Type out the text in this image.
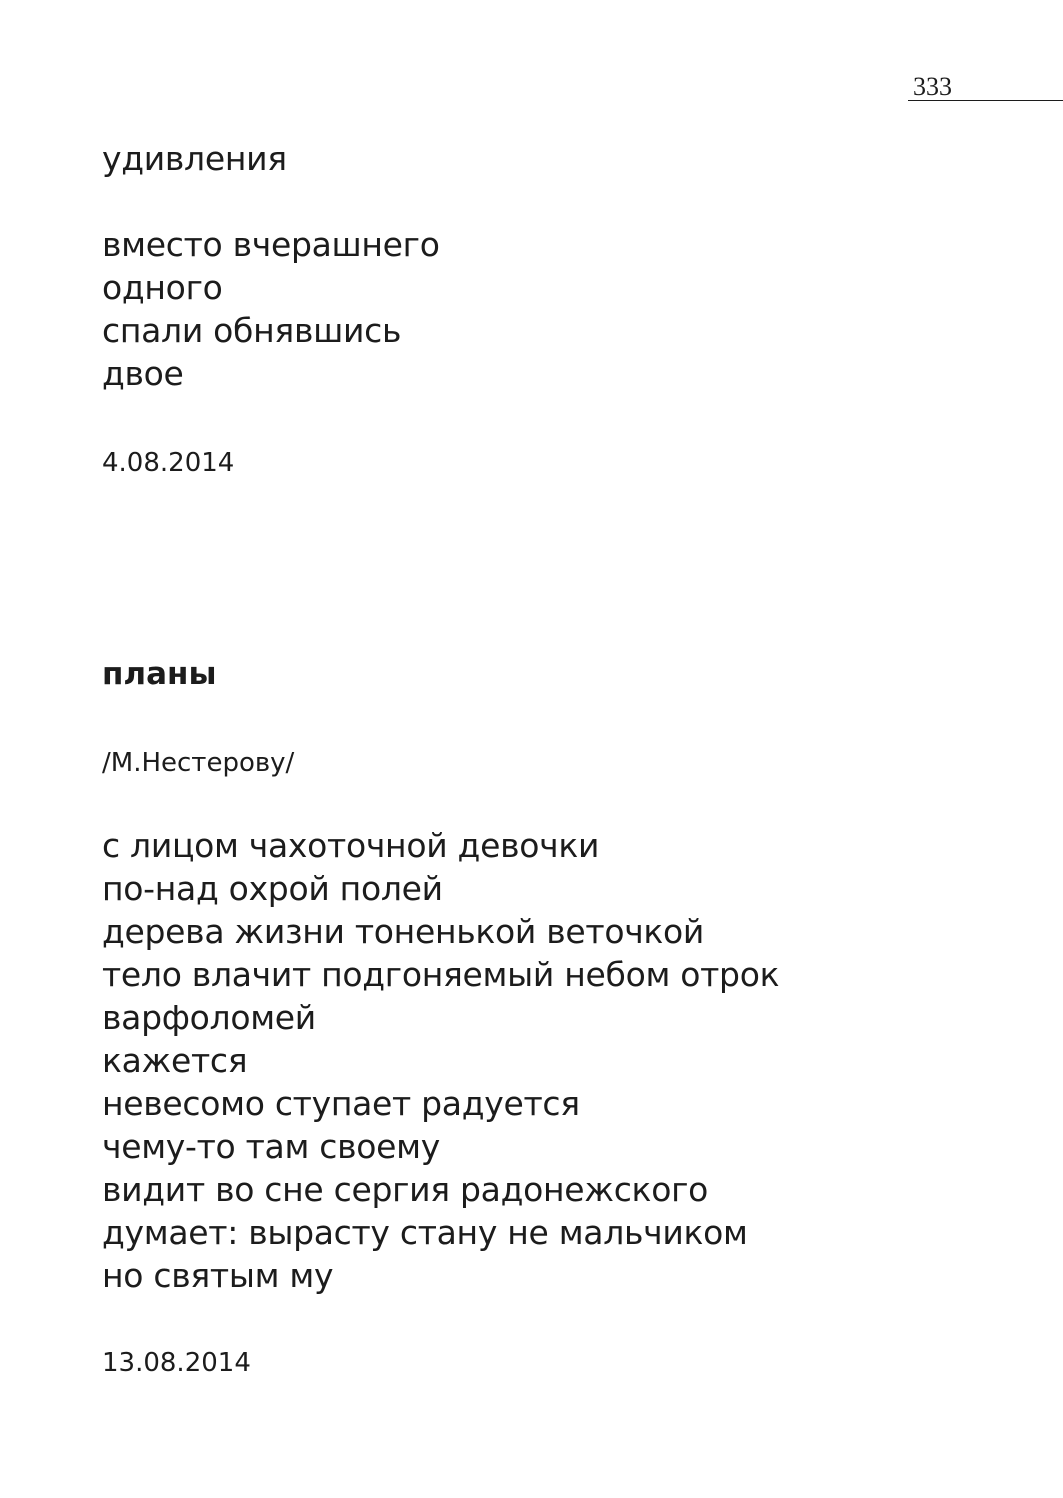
333
удивления
вместо вчерашнего
одного
спали обнявшись
двое
4.08.2014
планы
/М.Нестерову/
с лицом чахоточной девочки
по-над охрой полей
дерева жизни тоненькой веточкой
тело влачит подгоняемый небом отрок
варфоломей
кажется
невесомо ступает радуется
чему-то там своему
видит во сне сергия радонежского
думает: вырасту стану не мальчиком
но святым му
13.08.2014
